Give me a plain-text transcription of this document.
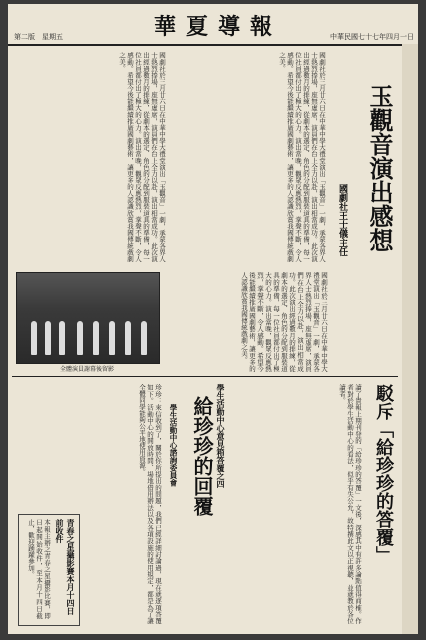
第二版　 星期五	華夏導報	中華民國七十七年四月一日
玉觀音演出感想
國劇社王士儀主任
國劇社於三月廿六日在中華中學大禮堂演出「玉觀音」一劇，承蒙各界人士熱烈捧場，座無虛席，演員們在台上全力以赴，演出相當成功。此次演出經過數月的排練，從劇本的選定、角色的分配到服裝道具的準備，每一位社員都付出了極大的心力。演出當晚，觀眾反應熱烈，掌聲不斷，令人感動。希望今後能繼續推廣國劇藝術，讓更多的人認識欣賞我國傳統戲劇之美。
國劇社於三月廿六日在中華中學大禮堂演出「玉觀音」一劇，承蒙各界人士熱烈捧場，座無虛席，演員們在台上全力以赴，演出相當成功。此次演出經過數月的排練，從劇本的選定、角色的分配到服裝道具的準備，每一位社員都付出了極大的心力。演出當晚，觀眾反應熱烈，掌聲不斷，令人感動。希望今後能繼續推廣國劇藝術，讓更多的人認識欣賞我國傳統戲劇之美。
全體演員謝幕後留影	國劇社於三月廿六日在中華中學大禮堂演出「玉觀音」一劇，承蒙各界人士熱烈捧場，座無虛席，演員們在台上全力以赴，演出相當成功。此次演出經過數月的排練，從劇本的選定、角色的分配到服裝道具的準備，每一位社員都付出了極大的心力。演出當晚，觀眾反應熱烈，掌聲不斷，令人感動。希望今後能繼續推廣國劇藝術，讓更多的人認識欣賞我國傳統戲劇之美。
駁斥「給珍珍的答覆」
讀了貴報上期刊登的「給珍珍的答覆」一文後，深感其中有許多論點值得商榷。作者對於學生活動中心的看法，似乎有失公允，故特撰此文以正視聽，並就教於各位讀者。
學生活動中心意見箱答覆之四
給珍珍的回覆
學生活動中心諮詢委員會
珍珍：來信收到了，關於你所提出的問題，我們已經詳細討論過，現在就逐項答覆如下。活動中心的開放時間、場地借用辦法以及各項設施的使用規定，都是為了讓全體同學能夠公平地使用資源。
青春之星攝影賽本月十四日前收件
本報主辦之青春之星攝影比賽，即日起開始收件，至本月十四日截止，歡迎踴躍參加。
